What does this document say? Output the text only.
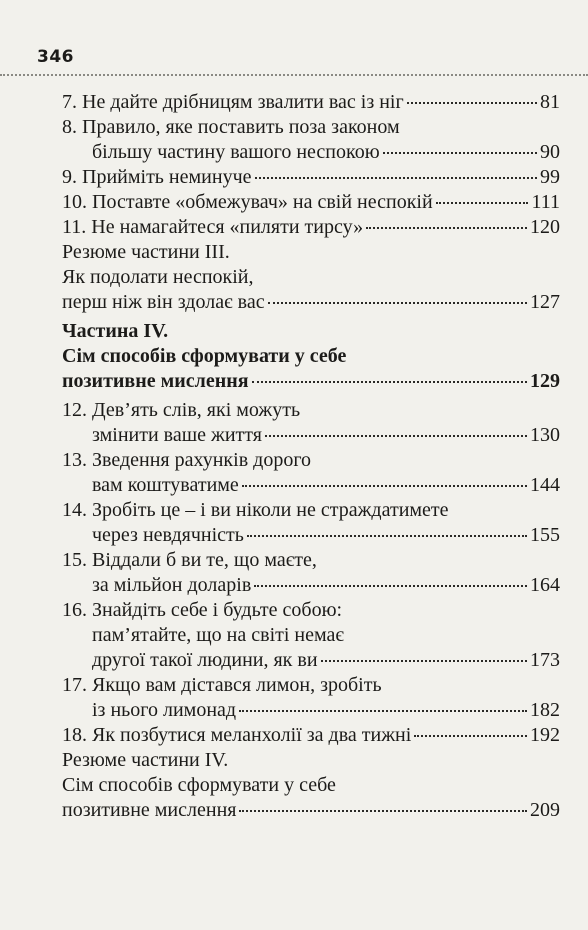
346
7. Не дайте дрібницям звалити вас із ніг	81
8. Правило, яке поставить поза законом
більшу частину вашого неспокою	90
9. Прийміть неминуче	99
10. Поставте «обмежувач» на свій неспокій	111
11. Не намагайтеся «пиляти тирсу»	120
Резюме частини ІІІ.
Як подолати неспокій,
перш ніж він здолає вас	127
Частина IV.
Сім способів сформувати у себе
позитивне мислення	129
12. Дев’ять слів, які можуть
змінити ваше життя	130
13. Зведення рахунків дорого
вам коштуватиме	144
14. Зробіть це – і ви ніколи не страждатимете
через невдячність	155
15. Віддали б ви те, що маєте,
за мільйон доларів	164
16. Знайдіть себе і будьте собою:
пам’ятайте, що на світі немає
другої такої людини, як ви	173
17. Якщо вам дістався лимон, зробіть
із нього лимонад	182
18. Як позбутися меланхолії за два тижні	192
Резюме частини IV.
Сім способів сформувати у себе
позитивне мислення	209
